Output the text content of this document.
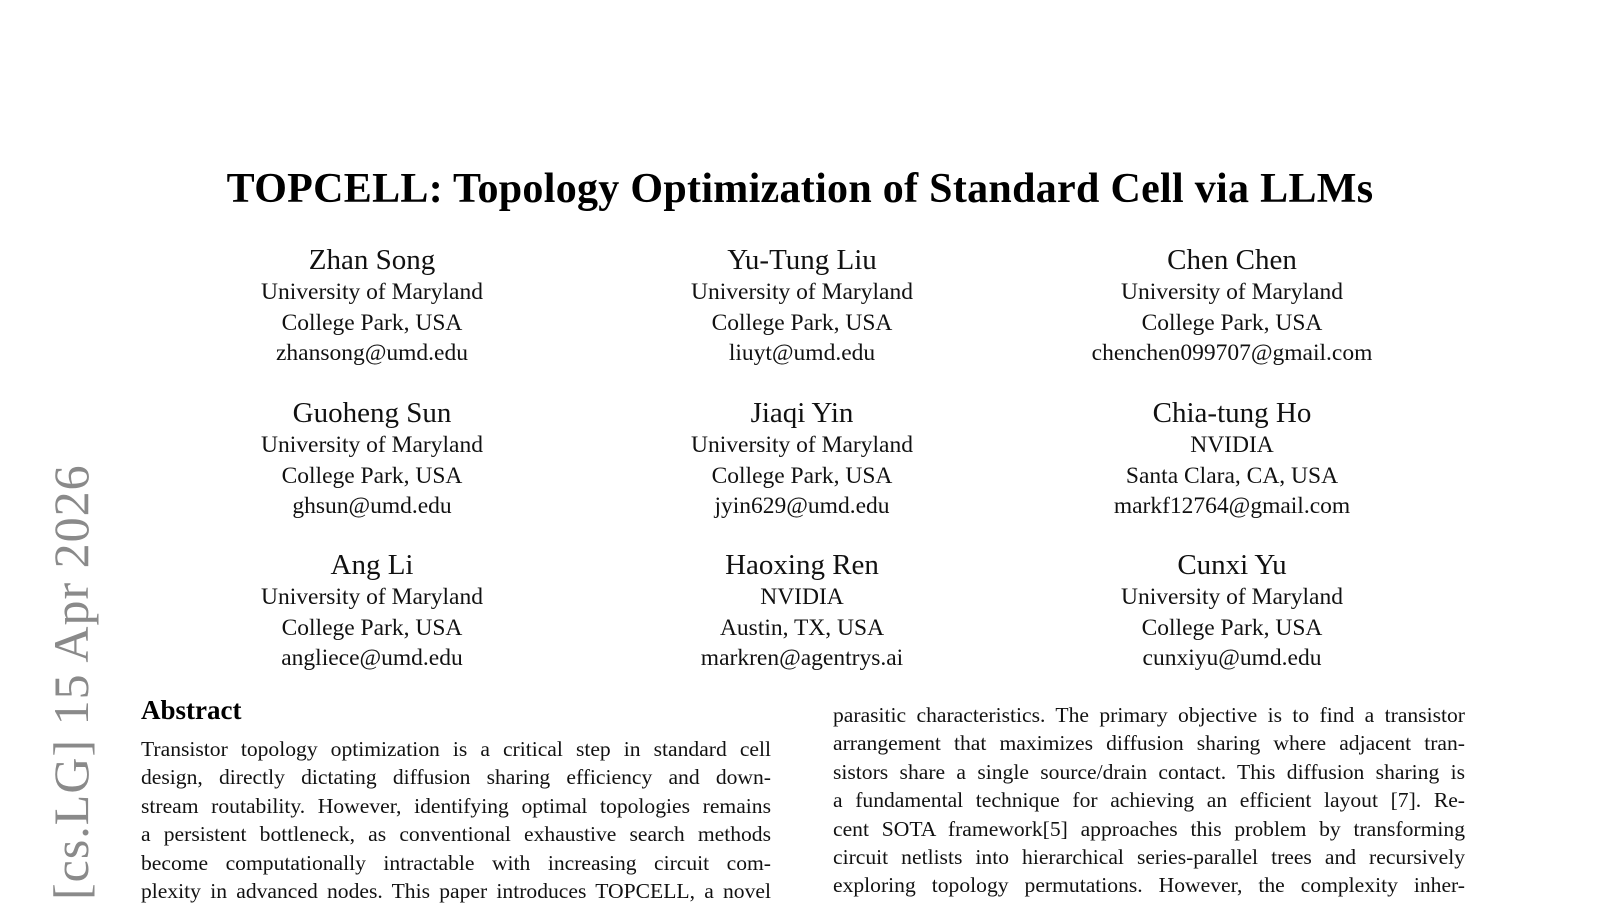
TOPCELL: Topology Optimization of Standard Cell via LLMs
Zhan Song
University of Maryland
College Park, USA
zhansong@umd.edu
Yu-Tung Liu
University of Maryland
College Park, USA
liuyt@umd.edu
Chen Chen
University of Maryland
College Park, USA
chenchen099707@gmail.com
Guoheng Sun
University of Maryland
College Park, USA
ghsun@umd.edu
Jiaqi Yin
University of Maryland
College Park, USA
jyin629@umd.edu
Chia-tung Ho
NVIDIA
Santa Clara, CA, USA
markf12764@gmail.com
Ang Li
University of Maryland
College Park, USA
angliece@umd.edu
Haoxing Ren
NVIDIA
Austin, TX, USA
markren@agentrys.ai
Cunxi Yu
University of Maryland
College Park, USA
cunxiyu@umd.edu
[cs.LG] 15 Apr 2026 Abstract

Transistor topology optimization is a critical step in standard cell
design, directly dictating diffusion sharing efficiency and down-
stream routability. However, identifying optimal topologies remains
a persistent bottleneck, as conventional exhaustive search methods
become computationally intractable with increasing circuit com-
plexity in advanced nodes. This paper introduces TOPCELL, a novel

parasitic characteristics. The primary objective is to find a transistor
arrangement that maximizes diffusion sharing where adjacent tran-
sistors share a single source/drain contact. This diffusion sharing is
a fundamental technique for achieving an efficient layout [7]. Re-
cent SOTA framework[5] approaches this problem by transforming
circuit netlists into hierarchical series-parallel trees and recursively
exploring topology permutations. However, the complexity inher-
